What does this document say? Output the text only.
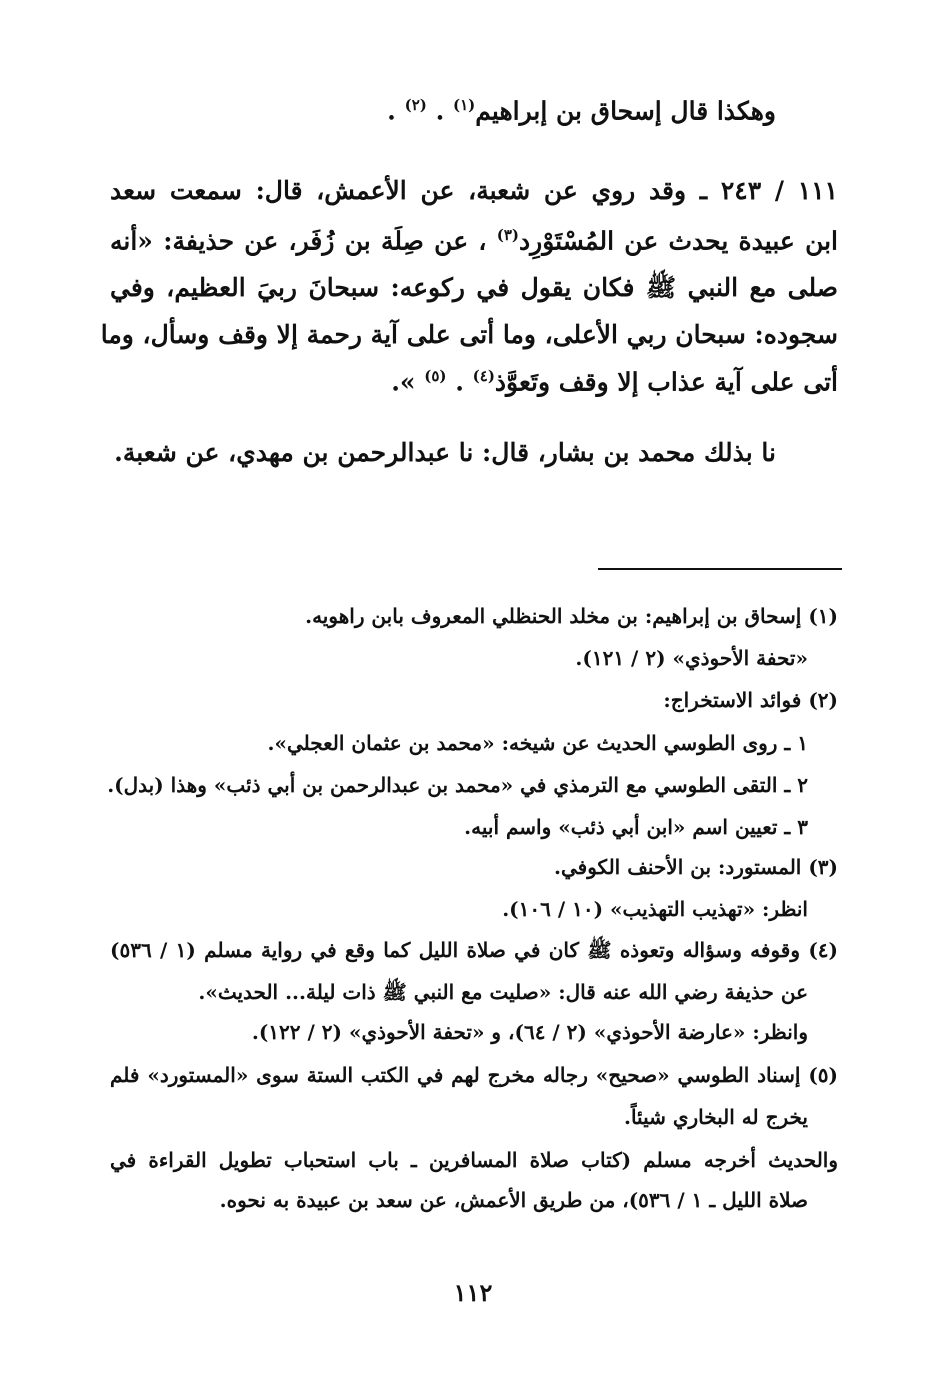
وهكذا قال إسحاق بن إبراهيم$^{(١)}$ . $^{(٢)}$ .
١١١ / ٢٤٣ ـ وقد روي عن شعبة، عن الأعمش، قال: سمعت سعد
ابن عبيدة يحدث عن المُسْتَوْرِد$^{(٣)}$ ، عن صِلَة بن زُفَر، عن حذيفة: «أنه
صلى مع النبي ﷺ فكان يقول في ركوعه: سبحانَ ربيَ العظيم، وفي
سجوده: سبحان ربي الأعلى، وما أتى على آية رحمة إلا وقف وسأل، وما
أتى على آية عذاب إلا وقف وتَعوَّذ$^{(٤)}$ . $^{(٥)}$ ».
نا بذلك محمد بن بشار، قال: نا عبدالرحمن بن مهدي، عن شعبة.
(١) إسحاق بن إبراهيم: بن مخلد الحنظلي المعروف بابن راهويه.
«تحفة الأحوذي» (٢ / ١٢١).
(٢) فوائد الاستخراج:
١ ـ روى الطوسي الحديث عن شيخه: «محمد بن عثمان العجلي».
٢ ـ التقى الطوسي مع الترمذي في «محمد بن عبدالرحمن بن أبي ذئب» وهذا (بدل).
٣ ـ تعيين اسم «ابن أبي ذئب» واسم أبيه.
(٣) المستورد: بن الأحنف الكوفي.
انظر: «تهذيب التهذيب» (١٠ / ١٠٦).
(٤) وقوفه وسؤاله وتعوذه ﷺ كان في صلاة الليل كما وقع في رواية مسلم (١ / ٥٣٦)
عن حذيفة رضي الله عنه قال: «صليت مع النبي ﷺ ذات ليلة... الحديث».
وانظر: «عارضة الأحوذي» (٢ / ٦٤)، و «تحفة الأحوذي» (٢ / ١٢٢).
(٥) إسناد الطوسي «صحيح» رجاله مخرج لهم في الكتب الستة سوى «المستورد» فلم
يخرج له البخاري شيئاً.
والحديث أخرجه مسلم (كتاب صلاة المسافرين ـ باب استحباب تطويل القراءة في
صلاة الليل ـ ١ / ٥٣٦)، من طريق الأعمش، عن سعد بن عبيدة به نحوه.
١١٢
